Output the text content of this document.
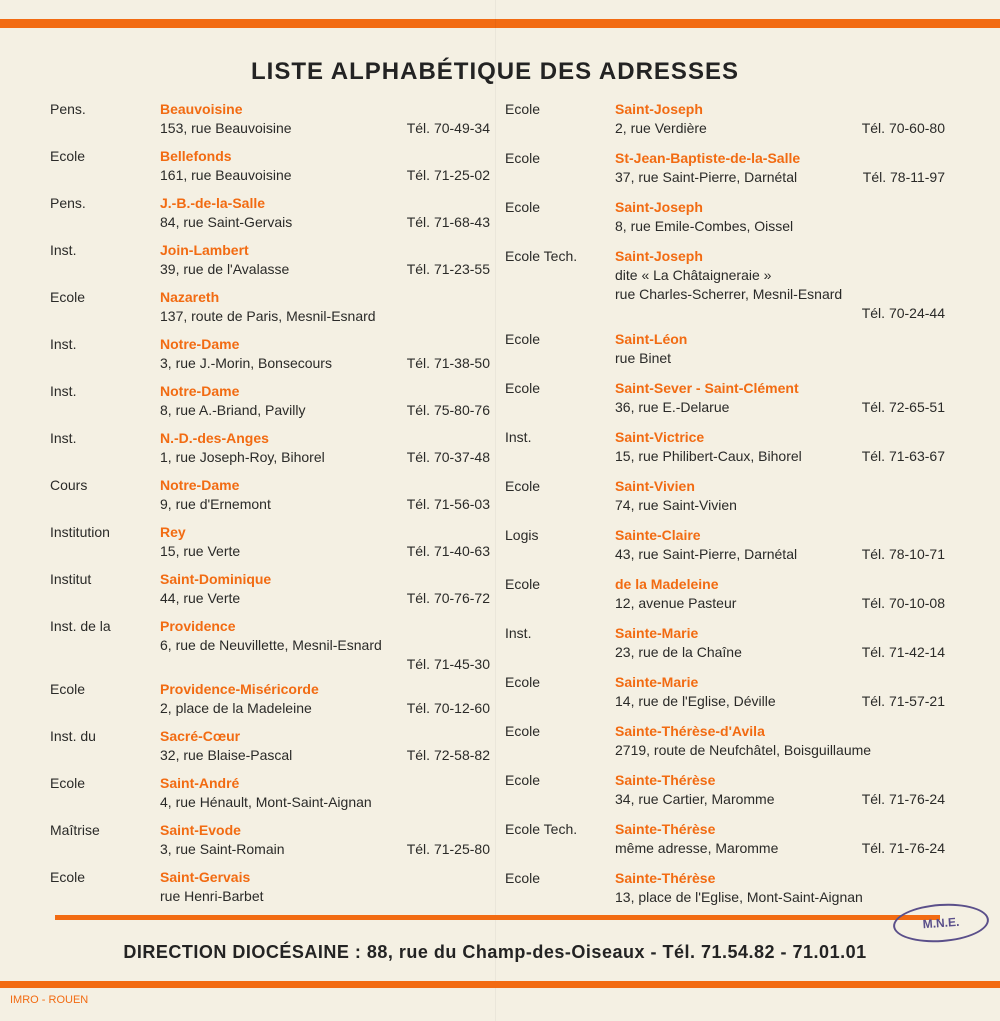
LISTE ALPHABÉTIQUE DES ADRESSES
Pens.	Beauvoisine
153, rue Beauvoisine	Tél. 70-49-34
Ecole	Bellefonds
161, rue Beauvoisine	Tél. 71-25-02
Pens.	J.-B.-de-la-Salle
84, rue Saint-Gervais	Tél. 71-68-43
Inst.	Join-Lambert
39, rue de l'Avalasse	Tél. 71-23-55
Ecole	Nazareth
137, route de Paris, Mesnil-Esnard
Inst.	Notre-Dame
3, rue J.-Morin, Bonsecours	Tél. 71-38-50
Inst.	Notre-Dame
8, rue A.-Briand, Pavilly	Tél. 75-80-76
Inst.	N.-D.-des-Anges
1, rue Joseph-Roy, Bihorel	Tél. 70-37-48
Cours	Notre-Dame
9, rue d'Ernemont	Tél. 71-56-03
Institution	Rey
15, rue Verte	Tél. 71-40-63
Institut	Saint-Dominique
44, rue Verte	Tél. 70-76-72
Inst. de la	Providence
6, rue de Neuvillette, Mesnil-Esnard
Tél. 71-45-30
Ecole	Providence-Miséricorde
2, place de la Madeleine	Tél. 70-12-60
Inst. du	Sacré-Cœur
32, rue Blaise-Pascal	Tél. 72-58-82
Ecole	Saint-André
4, rue Hénault, Mont-Saint-Aignan
Maîtrise	Saint-Evode
3, rue Saint-Romain	Tél. 71-25-80
Ecole	Saint-Gervais
rue Henri-Barbet
Ecole	Saint-Joseph
2, rue Verdière	Tél. 70-60-80
Ecole	St-Jean-Baptiste-de-la-Salle
37, rue Saint-Pierre, Darnétal	Tél. 78-11-97
Ecole	Saint-Joseph
8, rue Emile-Combes, Oissel
Ecole Tech.	Saint-Joseph
dite « La Châtaigneraie »
rue Charles-Scherrer, Mesnil-Esnard
Tél. 70-24-44
Ecole	Saint-Léon
rue Binet
Ecole	Saint-Sever - Saint-Clément
36, rue E.-Delarue	Tél. 72-65-51
Inst.	Saint-Victrice
15, rue Philibert-Caux, Bihorel	Tél. 71-63-67
Ecole	Saint-Vivien
74, rue Saint-Vivien
Logis	Sainte-Claire
43, rue Saint-Pierre, Darnétal	Tél. 78-10-71
Ecole	de la Madeleine
12, avenue Pasteur	Tél. 70-10-08
Inst.	Sainte-Marie
23, rue de la Chaîne	Tél. 71-42-14
Ecole	Sainte-Marie
14, rue de l'Eglise, Déville	Tél. 71-57-21
Ecole	Sainte-Thérèse-d'Avila
2719, route de Neufchâtel, Boisguillaume
Ecole	Sainte-Thérèse
34, rue Cartier, Maromme	Tél. 71-76-24
Ecole Tech.	Sainte-Thérèse
même adresse, Maromme	Tél. 71-76-24
Ecole	Sainte-Thérèse
13, place de l'Eglise, Mont-Saint-Aignan
M.N.E.
DIRECTION DIOCÉSAINE : 88, rue du Champ-des-Oiseaux - Tél. 71.54.82 - 71.01.01
IMRO - ROUEN
